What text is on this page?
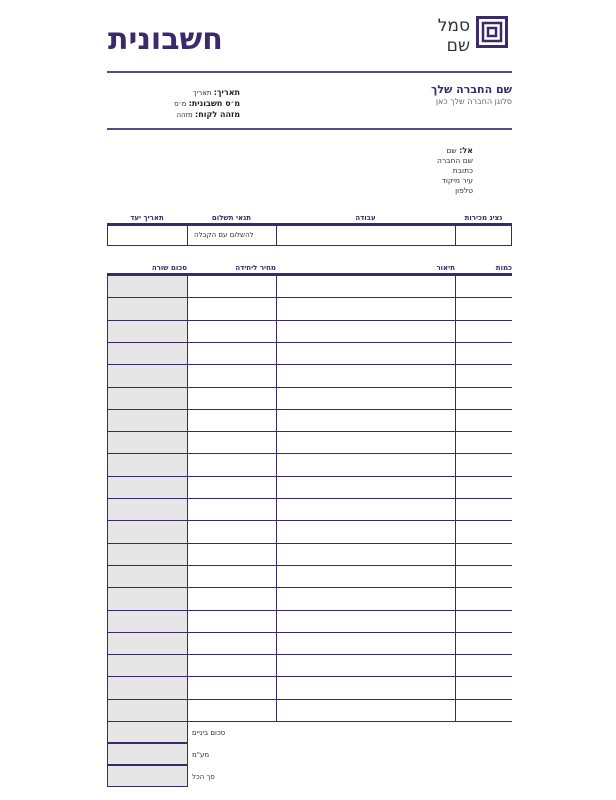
חשבונית	סמל
שם
שם החברה שלך
סלוגן החברה שלך כאן
תאריך: תאריך
מ׳ס חשבונית: מ׳ס
מזהה לקוח: מזהה
אל: שם
שם החברה
כתובת
עיר מיקוד
טלפון
נציג מכירות
עבודה
תנאי תשלום
תאריך יעד
להשלום עם הקבלה
כמות
תיאור
מחיר ליחידה
סכום שורה
סכום ביניים
מע"מ
סך הכל
